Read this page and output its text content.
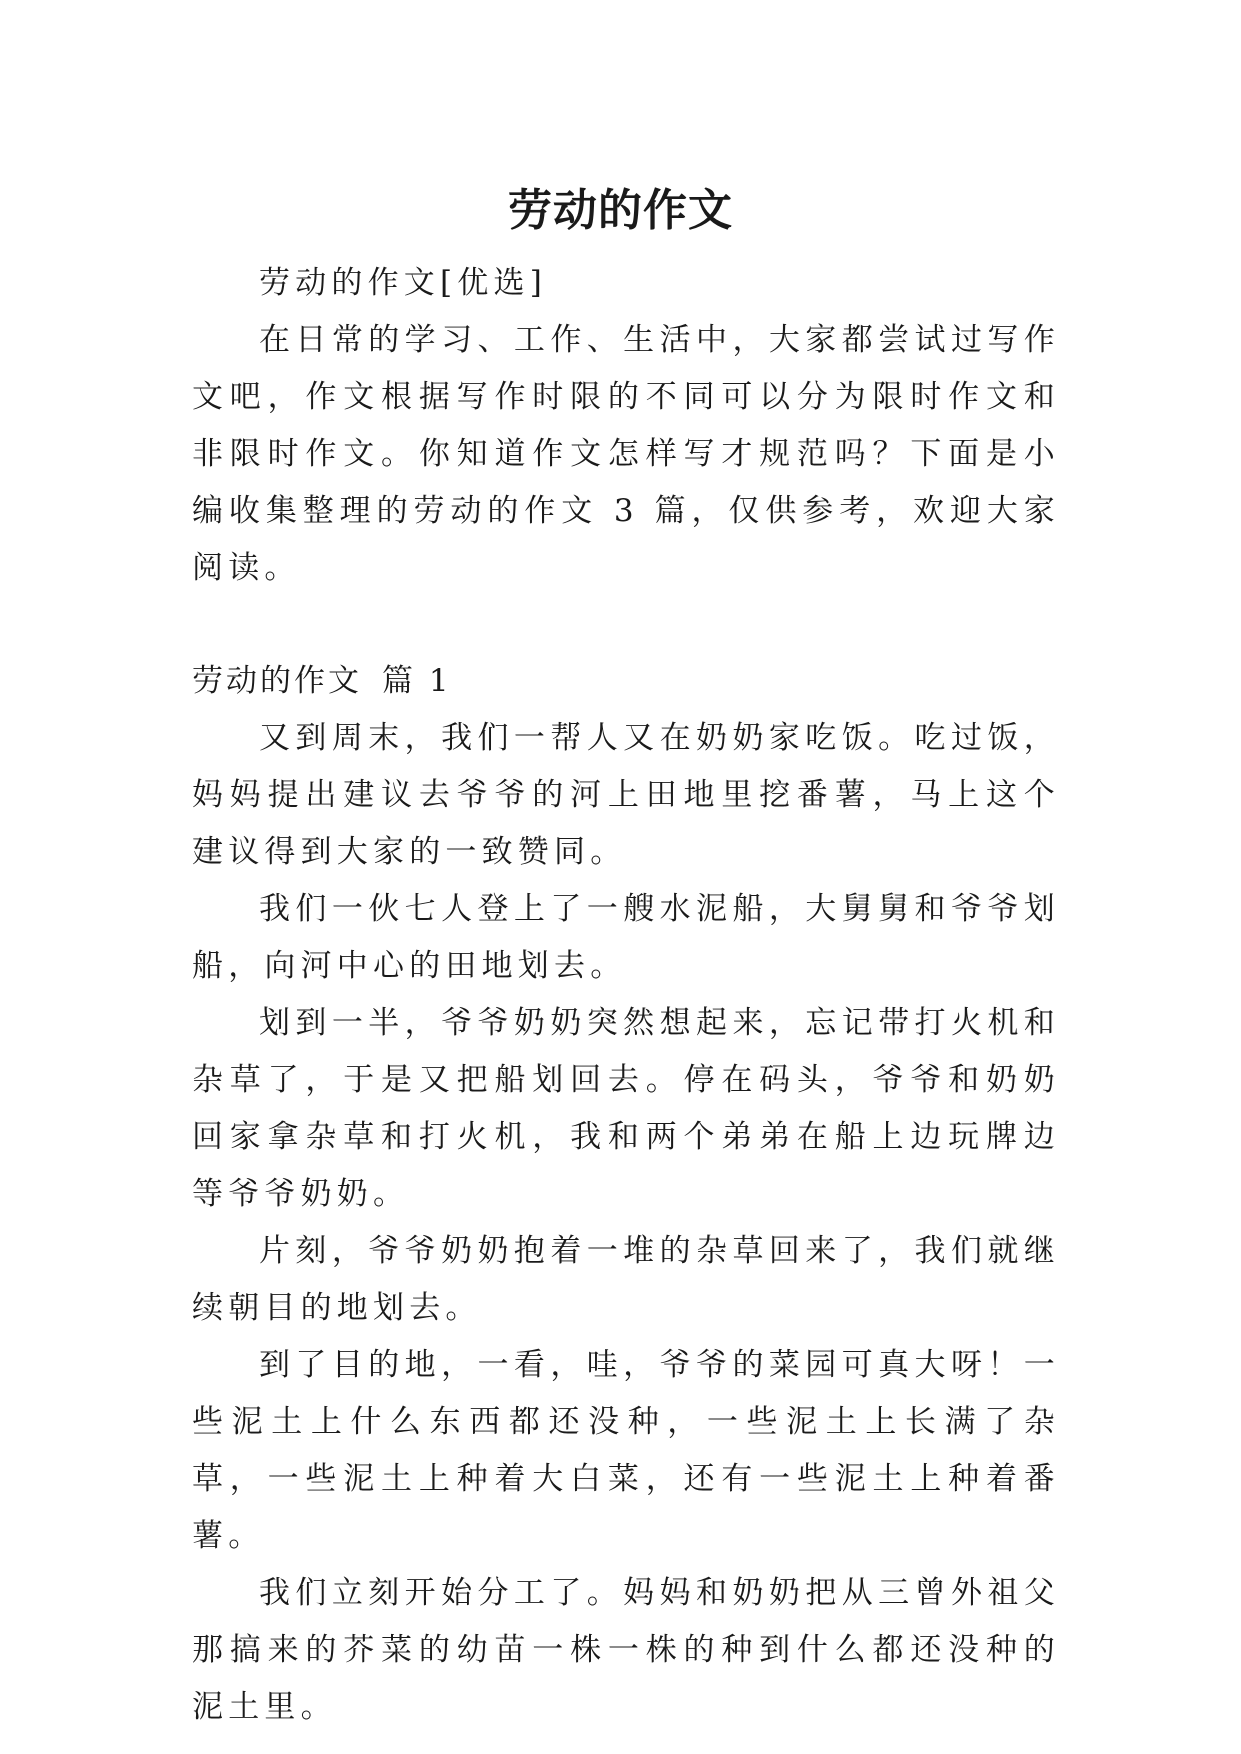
劳动的作文

劳动的作文[优选]

在日常的学习、工作、生活中，大家都尝试过写作文吧，作文根据写作时限的不同可以分为限时作文和非限时作文。你知道作文怎样写才规范吗？下面是小编收集整理的劳动的作文 3 篇，仅供参考，欢迎大家阅读。

劳动的作文 篇 1

又到周末，我们一帮人又在奶奶家吃饭。吃过饭，妈妈提出建议去爷爷的河上田地里挖番薯，马上这个建议得到大家的一致赞同。

我们一伙七人登上了一艘水泥船，大舅舅和爷爷划船，向河中心的田地划去。

划到一半，爷爷奶奶突然想起来，忘记带打火机和杂草了，于是又把船划回去。停在码头，爷爷和奶奶回家拿杂草和打火机，我和两个弟弟在船上边玩牌边等爷爷奶奶。

片刻，爷爷奶奶抱着一堆的杂草回来了，我们就继续朝目的地划去。

到了目的地，一看，哇，爷爷的菜园可真大呀！一些泥土上什么东西都还没种，一些泥土上长满了杂草，一些泥土上种着大白菜，还有一些泥土上种着番薯。

我们立刻开始分工了。妈妈和奶奶把从三曾外祖父那搞来的芥菜的幼苗一株一株的种到什么都还没种的泥土里。
